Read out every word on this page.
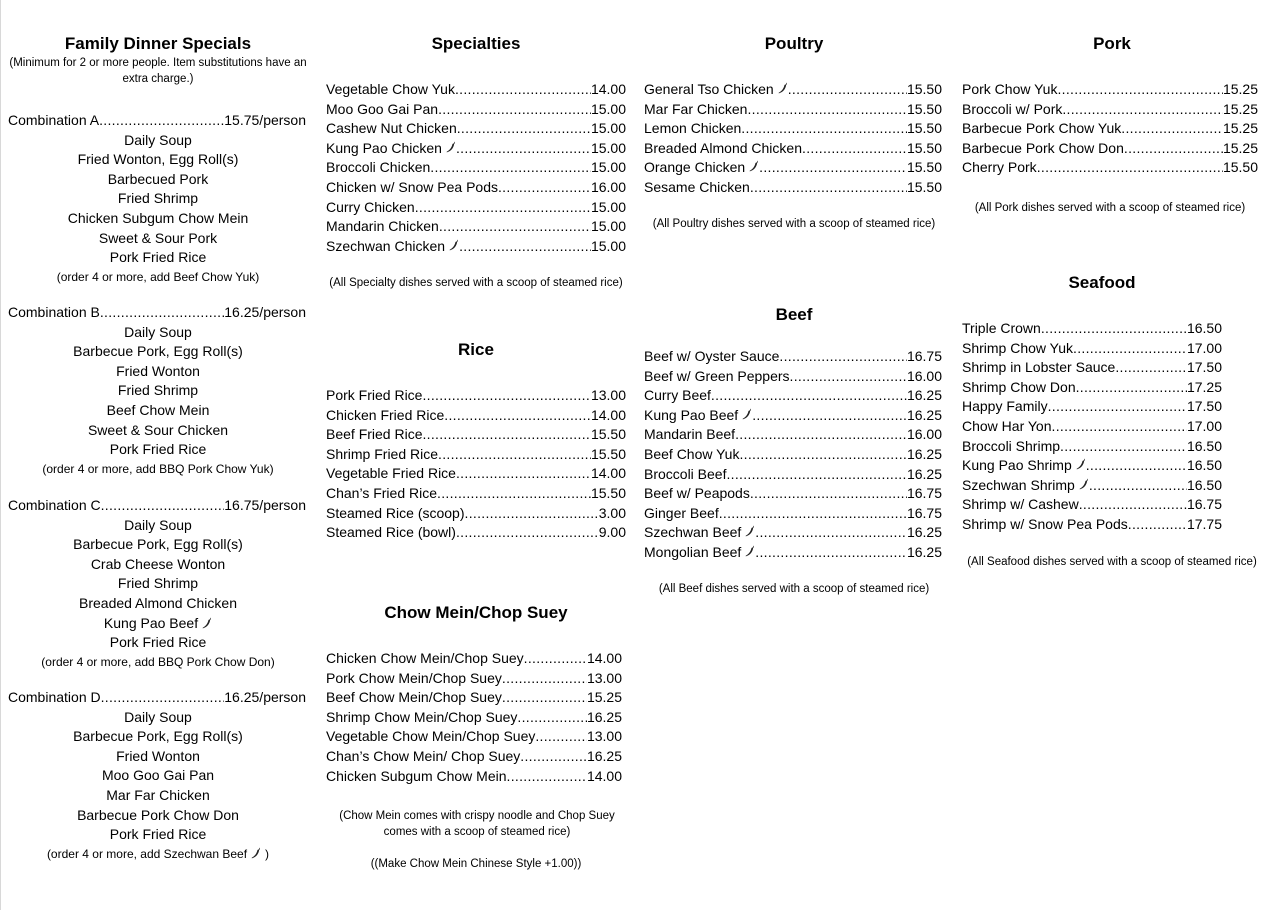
Family Dinner Specials
(Minimum for 2 or more people. Item substitutions have an extra charge.)
Combination A .....	15.75/person
Daily Soup
Fried Wonton, Egg Roll(s)
Barbecued Pork
Fried Shrimp
Chicken Subgum Chow Mein
Sweet & Sour Pork
Pork Fried Rice
(order 4 or more, add Beef Chow Yuk)
Combination B .....	16.25/person
Daily Soup
Barbecue Pork, Egg Roll(s)
Fried Wonton
Fried Shrimp
Beef Chow Mein
Sweet & Sour Chicken
Pork Fried Rice
(order 4 or more, add BBQ Pork Chow Yuk)
Combination C .....	16.75/person
Daily Soup
Barbecue Pork, Egg Roll(s)
Crab Cheese Wonton
Fried Shrimp
Breaded Almond Chicken
Kung Pao Beef
Pork Fried Rice
(order 4 or more, add BBQ Pork Chow Don)
Combination D .....	16.25/person
Daily Soup
Barbecue Pork, Egg Roll(s)
Fried Wonton
Moo Goo Gai Pan
Mar Far Chicken
Barbecue Pork Chow Don
Pork Fried Rice
(order 4 or more, add Szechwan Beef )
Specialties
Vegetable Chow Yuk .....	14.00
Moo Goo Gai Pan .....	15.00
Cashew Nut Chicken .....	15.00
Kung Pao Chicken .....	15.00
Broccoli Chicken .....	15.00
Chicken w/ Snow Pea Pods .....	16.00
Curry Chicken .....	15.00
Mandarin Chicken .....	15.00
Szechwan Chicken .....	15.00
(All Specialty dishes served with a scoop of steamed rice)
Rice
Pork Fried Rice .....	13.00
Chicken Fried Rice .....	14.00
Beef Fried Rice .....	15.50
Shrimp Fried Rice .....	15.50
Vegetable Fried Rice .....	14.00
Chan’s Fried Rice .....	15.50
Steamed Rice (scoop) .....	3.00
Steamed Rice (bowl) .....	9.00
Chow Mein/Chop Suey
Chicken Chow Mein/Chop Suey .....	14.00
Pork Chow Mein/Chop Suey .....	13.00
Beef Chow Mein/Chop Suey .....	15.25
Shrimp Chow Mein/Chop Suey .....	16.25
Vegetable Chow Mein/Chop Suey .....	13.00
Chan’s Chow Mein/ Chop Suey .....	16.25
Chicken Subgum Chow Mein .....	14.00
(Chow Mein comes with crispy noodle and Chop Suey comes with a scoop of steamed rice)
((Make Chow Mein Chinese Style +1.00))
Poultry
General Tso Chicken .....	15.50
Mar Far Chicken .....	15.50
Lemon Chicken .....	15.50
Breaded Almond Chicken .....	15.50
Orange Chicken .....	15.50
Sesame Chicken .....	15.50
(All Poultry dishes served with a scoop of steamed rice)
Beef
Beef w/ Oyster Sauce .....	16.75
Beef w/ Green Peppers .....	16.00
Curry Beef .....	16.25
Kung Pao Beef .....	16.25
Mandarin Beef .....	16.00
Beef Chow Yuk .....	16.25
Broccoli Beef .....	16.25
Beef w/ Peapods .....	16.75
Ginger Beef .....	16.75
Szechwan Beef .....	16.25
Mongolian Beef .....	16.25
(All Beef dishes served with a scoop of steamed rice)
Pork
Pork Chow Yuk .....	15.25
Broccoli w/ Pork .....	15.25
Barbecue Pork Chow Yuk .....	15.25
Barbecue Pork Chow Don .....	15.25
Cherry Pork .....	15.50
(All Pork dishes served with a scoop of steamed rice)
Seafood
Triple Crown .....	16.50
Shrimp Chow Yuk .....	17.00
Shrimp in Lobster Sauce .....	17.50
Shrimp Chow Don .....	17.25
Happy Family .....	17.50
Chow Har Yon .....	17.00
Broccoli Shrimp .....	16.50
Kung Pao Shrimp .....	16.50
Szechwan Shrimp .....	16.50
Shrimp w/ Cashew .....	16.75
Shrimp w/ Snow Pea Pods .....	17.75
(All Seafood dishes served with a scoop of steamed rice)
